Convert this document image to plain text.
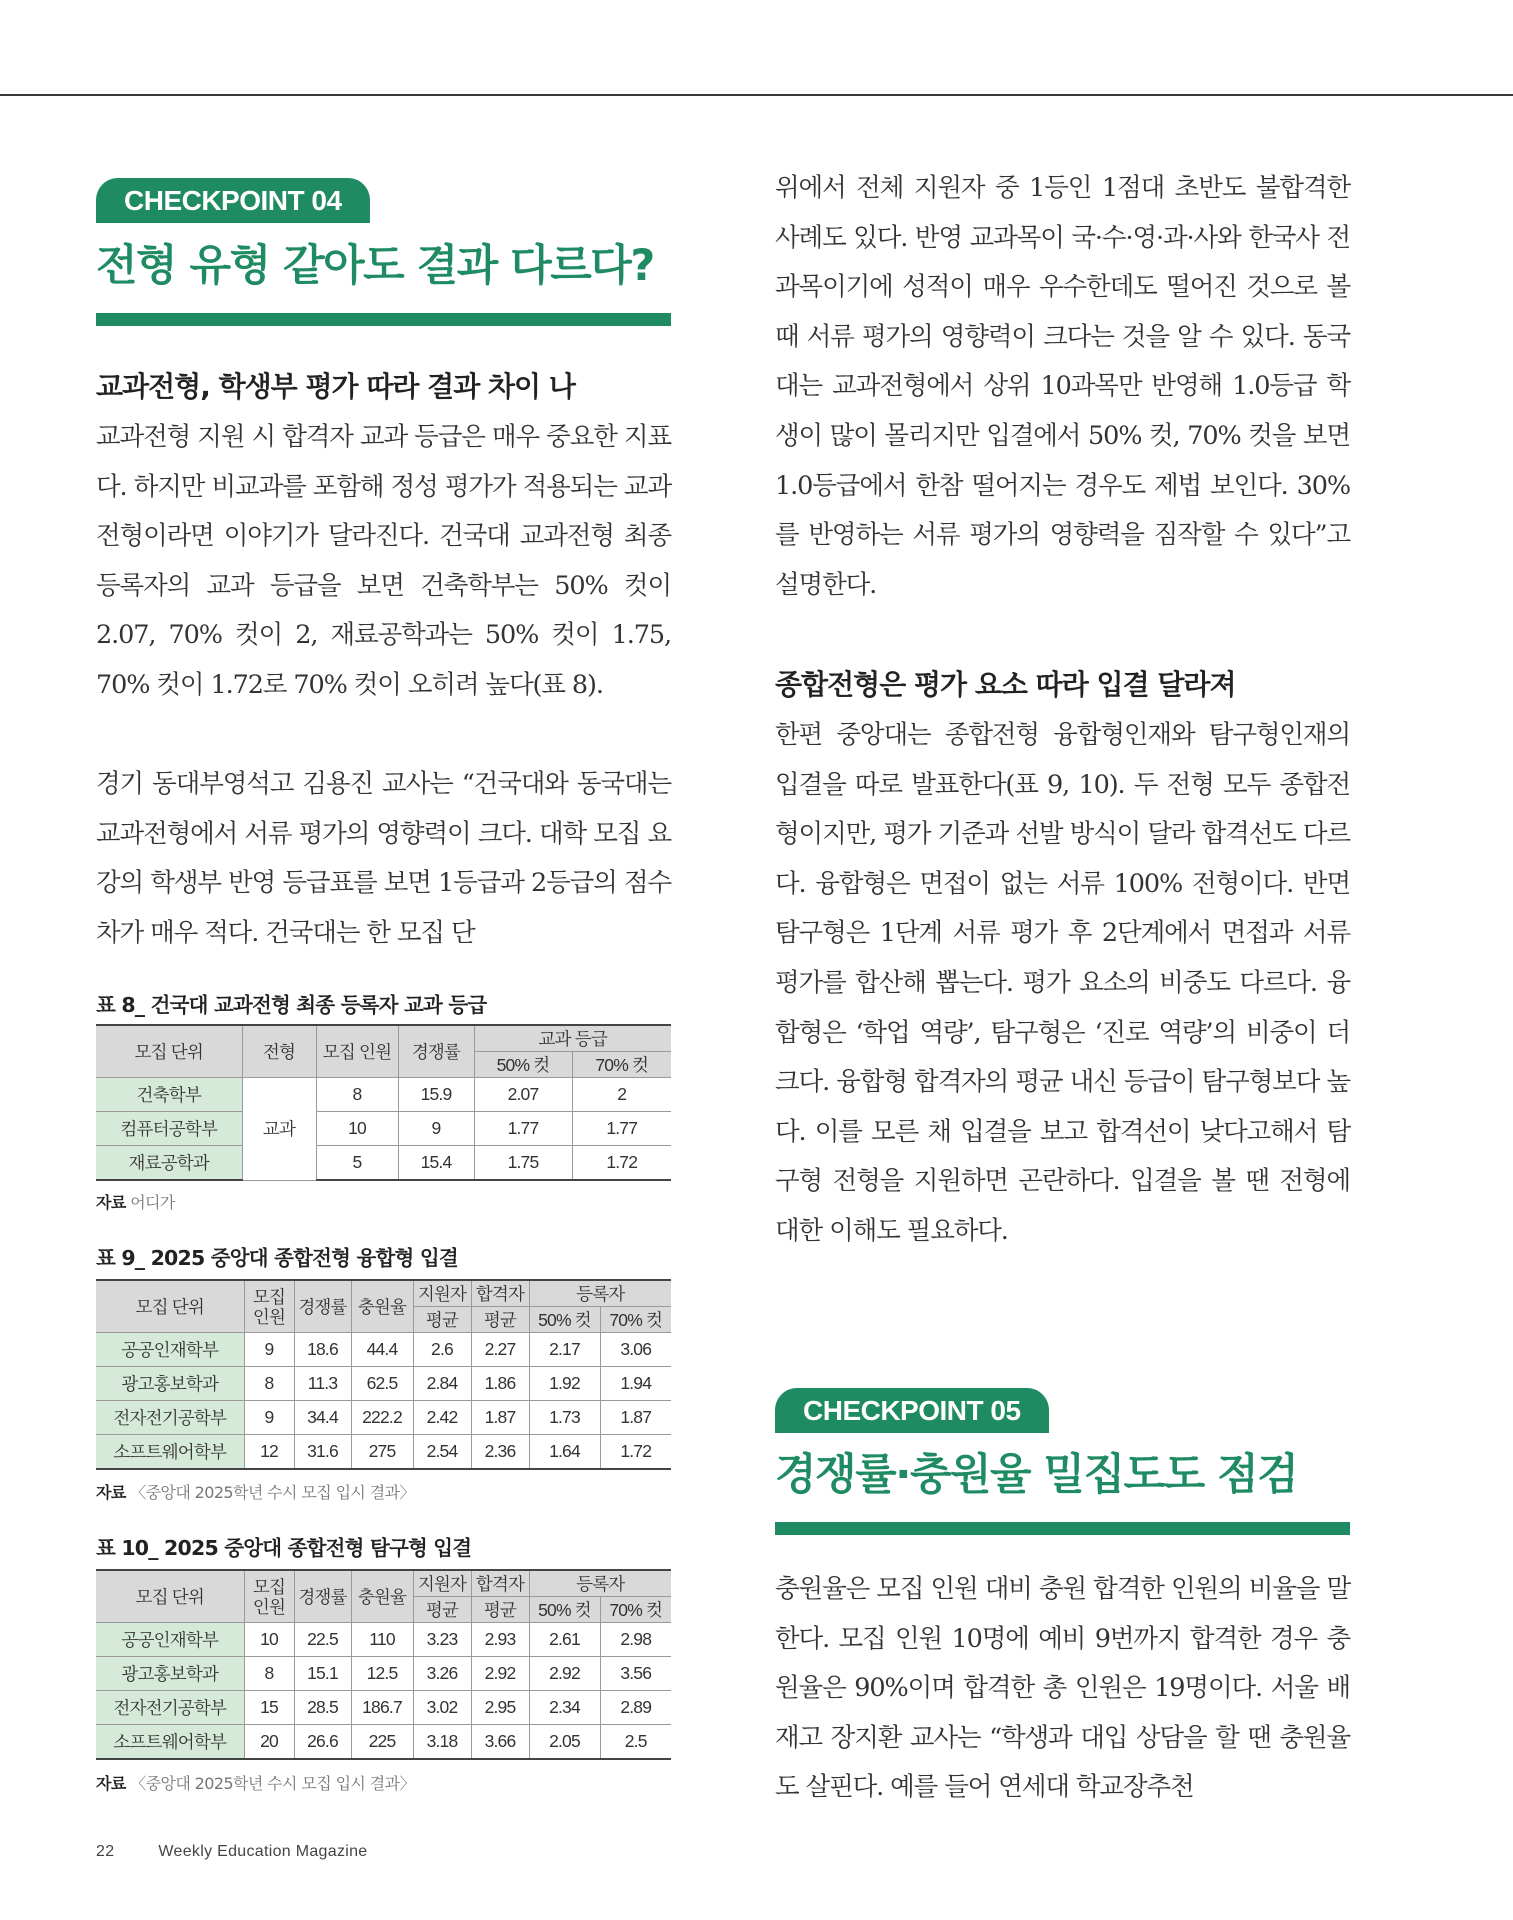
CHECKPOINT 04
전형 유형 같아도 결과 다르다?
교과전형, 학생부 평가 따라 결과 차이 나

교과전형 지원 시 합격자 교과 등급은 매우 중요한 지표다. 하지만 비교과를 포함해 정성 평가가 적용되는 교과전형이라면 이야기가 달라진다. 건국대 교과전형 최종 등록자의 교과 등급을 보면 건축학부는 50% 컷이 2.07, 70% 컷이 2, 재료공학과는 50% 컷이 1.75, 70% 컷이 1.72로 70% 컷이 오히려 높다(표 8).

경기 동대부영석고 김용진 교사는 “건국대와 동국대는 교과전형에서 서류 평가의 영향력이 크다. 대학 모집 요강의 학생부 반영 등급표를 보면 1등급과 2등급의 점수 차가 매우 적다. 건국대는 한 모집 단

표 8_ 건국대 교과전형 최종 등록자 교과 등급
모집 단위	전형	모집 인원	경쟁률	교과 등급	
				50% 컷	70% 컷
건축학부	교과	8	15.9	2.07	2
컴퓨터공학부		10	9	1.77	1.77
재료공학과		5	15.4	1.75	1.72
자료 어디가
표 9_ 2025 중앙대 종합전형 융합형 입결
모집 단위	모집
인원	경쟁률	충원율	지원자	합격자	등록자	
				평균	평균	50% 컷	70% 컷
공공인재학부	9	18.6	44.4	2.6	2.27	2.17	3.06
광고홍보학과	8	11.3	62.5	2.84	1.86	1.92	1.94
전자전기공학부	9	34.4	222.2	2.42	1.87	1.73	1.87
소프트웨어학부	12	31.6	275	2.54	2.36	1.64	1.72
자료 〈중앙대 2025학년 수시 모집 입시 결과〉
표 10_ 2025 중앙대 종합전형 탐구형 입결
모집 단위	모집
인원	경쟁률	충원율	지원자	합격자	등록자	
				평균	평균	50% 컷	70% 컷
공공인재학부	10	22.5	110	3.23	2.93	2.61	2.98
광고홍보학과	8	15.1	12.5	3.26	2.92	2.92	3.56
전자전기공학부	15	28.5	186.7	3.02	2.95	2.34	2.89
소프트웨어학부	20	26.6	225	3.18	3.66	2.05	2.5
자료 〈중앙대 2025학년 수시 모집 입시 결과〉

위에서 전체 지원자 중 1등인 1점대 초반도 불합격한 사례도 있다. 반영 교과목이 국·수·영·과·사와 한국사 전 과목이기에 성적이 매우 우수한데도 떨어진 것으로 볼 때 서류 평가의 영향력이 크다는 것을 알 수 있다. 동국대는 교과전형에서 상위 10과목만 반영해 1.0등급 학생이 많이 몰리지만 입결에서 50% 컷, 70% 컷을 보면 1.0등급에서 한참 떨어지는 경우도 제법 보인다. 30%를 반영하는 서류 평가의 영향력을 짐작할 수 있다”고 설명한다.

종합전형은 평가 요소 따라 입결 달라져

한편 중앙대는 종합전형 융합형인재와 탐구형인재의 입결을 따로 발표한다(표 9, 10). 두 전형 모두 종합전형이지만, 평가 기준과 선발 방식이 달라 합격선도 다르다. 융합형은 면접이 없는 서류 100% 전형이다. 반면 탐구형은 1단계 서류 평가 후 2단계에서 면접과 서류 평가를 합산해 뽑는다. 평가 요소의 비중도 다르다. 융합형은 ‘학업 역량’, 탐구형은 ‘진로 역량’의 비중이 더 크다. 융합형 합격자의 평균 내신 등급이 탐구형보다 높다. 이를 모른 채 입결을 보고 합격선이 낮다고해서 탐구형 전형을 지원하면 곤란하다. 입결을 볼 땐 전형에 대한 이해도 필요하다.

CHECKPOINT 05
경쟁률·충원율 밀집도도 점검

충원율은 모집 인원 대비 충원 합격한 인원의 비율을 말한다. 모집 인원 10명에 예비 9번까지 합격한 경우 충원율은 90%이며 합격한 총 인원은 19명이다. 서울 배재고 장지환 교사는 “학생과 대입 상담을 할 땐 충원율도 살핀다. 예를 들어 연세대 학교장추천

22	Weekly Education Magazine
